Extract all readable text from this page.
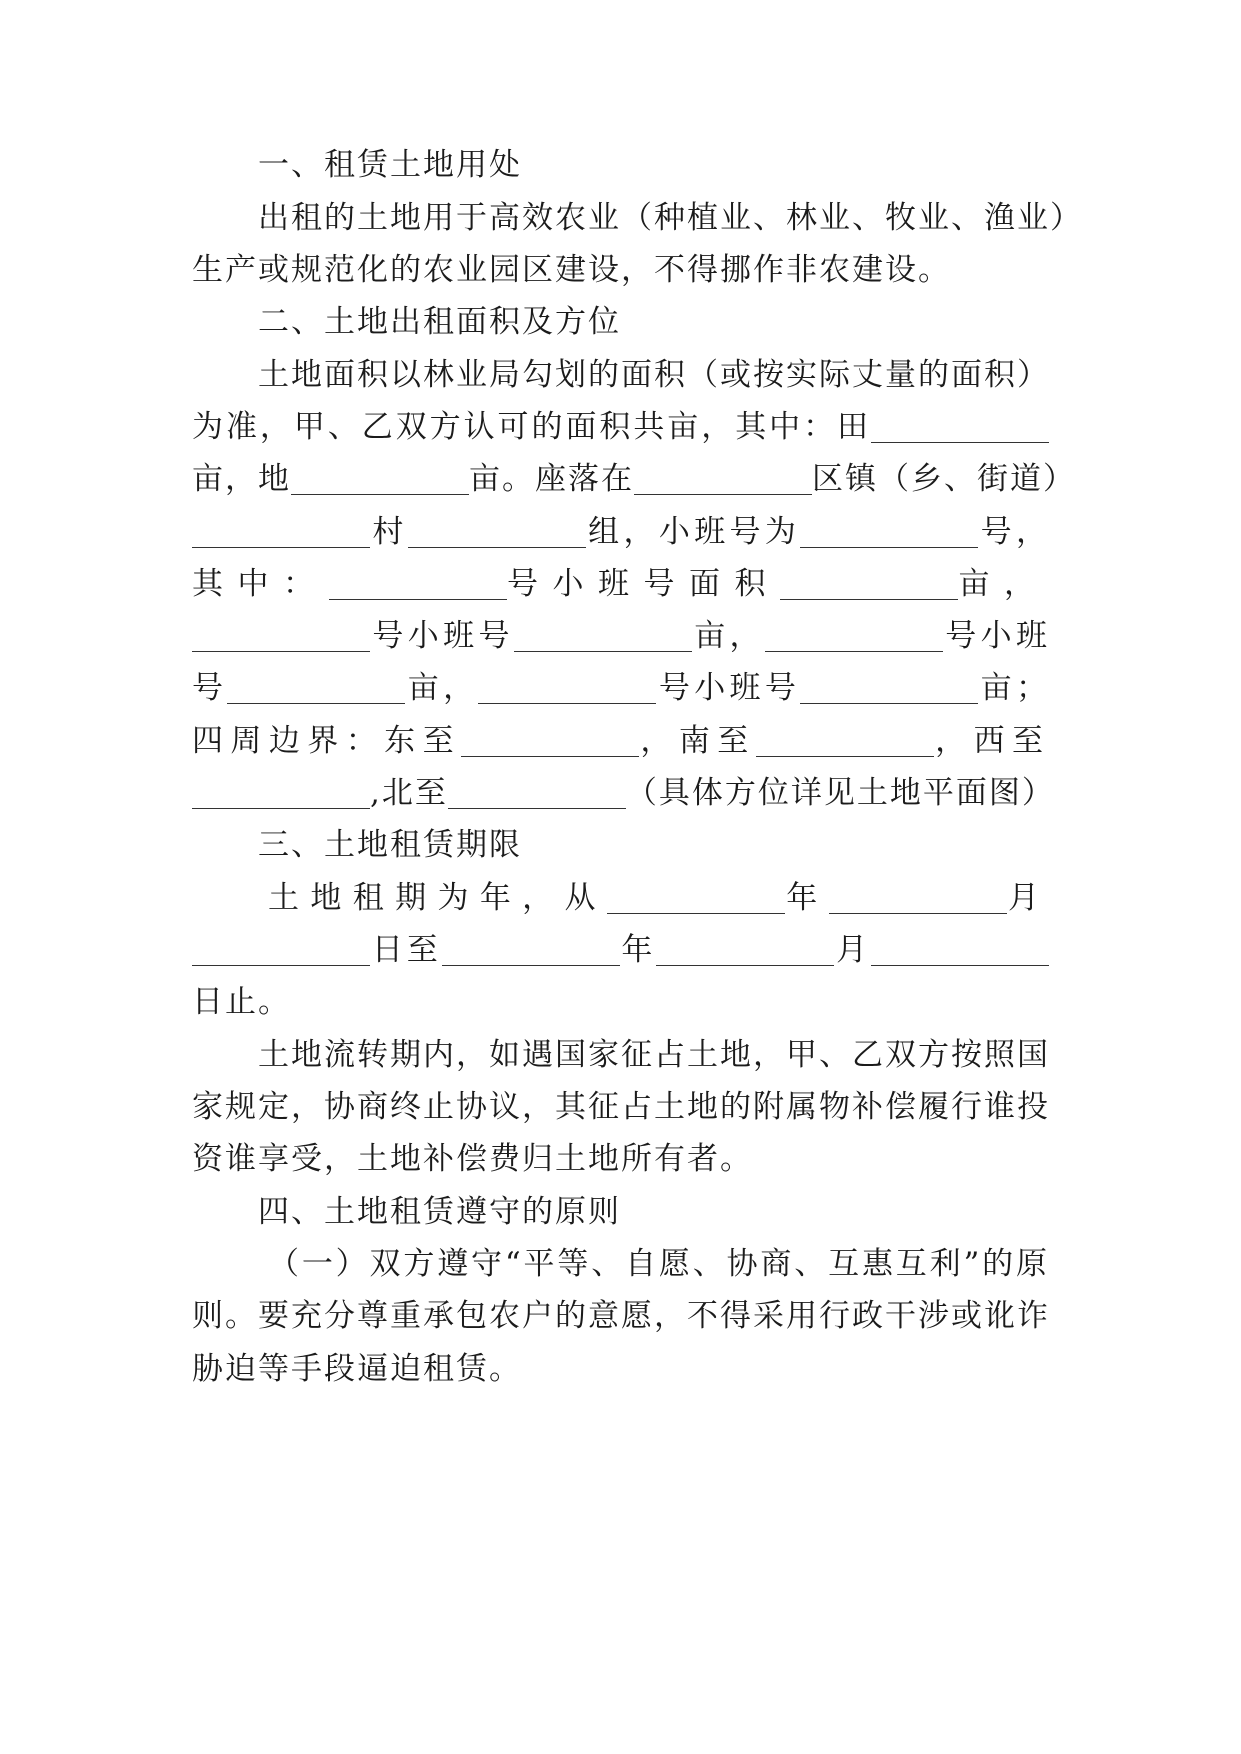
一、租赁土地用处
出租的土地用于高效农业（种植业、林业、牧业、渔业）
生产或规范化的农业园区建设，不得挪作非农建设。
二、土地出租面积及方位
土地面积以林业局勾划的面积（或按实际丈量的面积）
为准，甲、乙双方认可的面积共亩，其中：田
亩，地	亩。座落在	区镇（乡、街道）
村	组，小班号为	号，
其中：	号小班号面积	亩，
号小班号	亩，	号小班
号	亩，	号小班号	亩；
四周边界：东至	，南至	，西至
,北至	（具体方位详见土地平面图）
三、土地租赁期限
土地租期为年，从	年	月
日至	年	月
日止。
土地流转期内，如遇国家征占土地，甲、乙双方按照国
家规定，协商终止协议，其征占土地的附属物补偿履行谁投
资谁享受，土地补偿费归土地所有者。
四、土地租赁遵守的原则
（一）双方遵守“平等、自愿、协商、互惠互利”的原
则。要充分尊重承包农户的意愿，不得采用行政干涉或讹诈
胁迫等手段逼迫租赁。
